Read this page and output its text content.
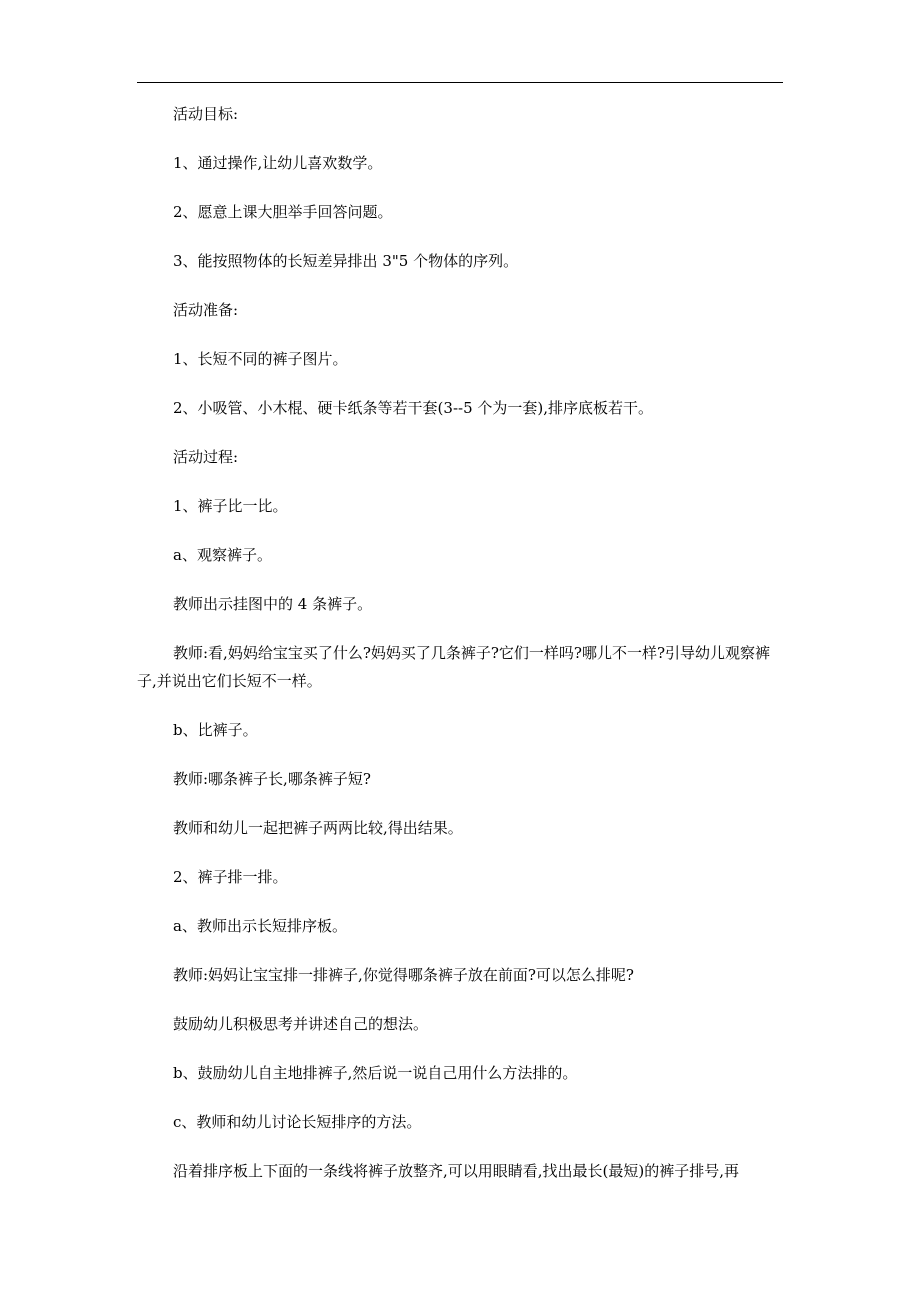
活动目标:

1、通过操作,让幼儿喜欢数学。

2、愿意上课大胆举手回答问题。

3、能按照物体的长短差异排出 3"5 个物体的序列。

活动准备:

1、长短不同的裤子图片。

2、小吸管、小木棍、硬卡纸条等若干套(3--5 个为一套),排序底板若干。

活动过程:

1、裤子比一比。

a、观察裤子。

教师出示挂图中的 4 条裤子。

教师:看,妈妈给宝宝买了什么?妈妈买了几条裤子?它们一样吗?哪儿不一样?引导幼儿观察裤子,并说出它们长短不一样。

b、比裤子。

教师:哪条裤子长,哪条裤子短?

教师和幼儿一起把裤子两两比较,得出结果。

2、裤子排一排。

a、教师出示长短排序板。

教师:妈妈让宝宝排一排裤子,你觉得哪条裤子放在前面?可以怎么排呢?

鼓励幼儿积极思考并讲述自己的想法。

b、鼓励幼儿自主地排裤子,然后说一说自己用什么方法排的。

c、教师和幼儿讨论长短排序的方法。

沿着排序板上下面的一条线将裤子放整齐,可以用眼睛看,找出最长(最短)的裤子排号,再
